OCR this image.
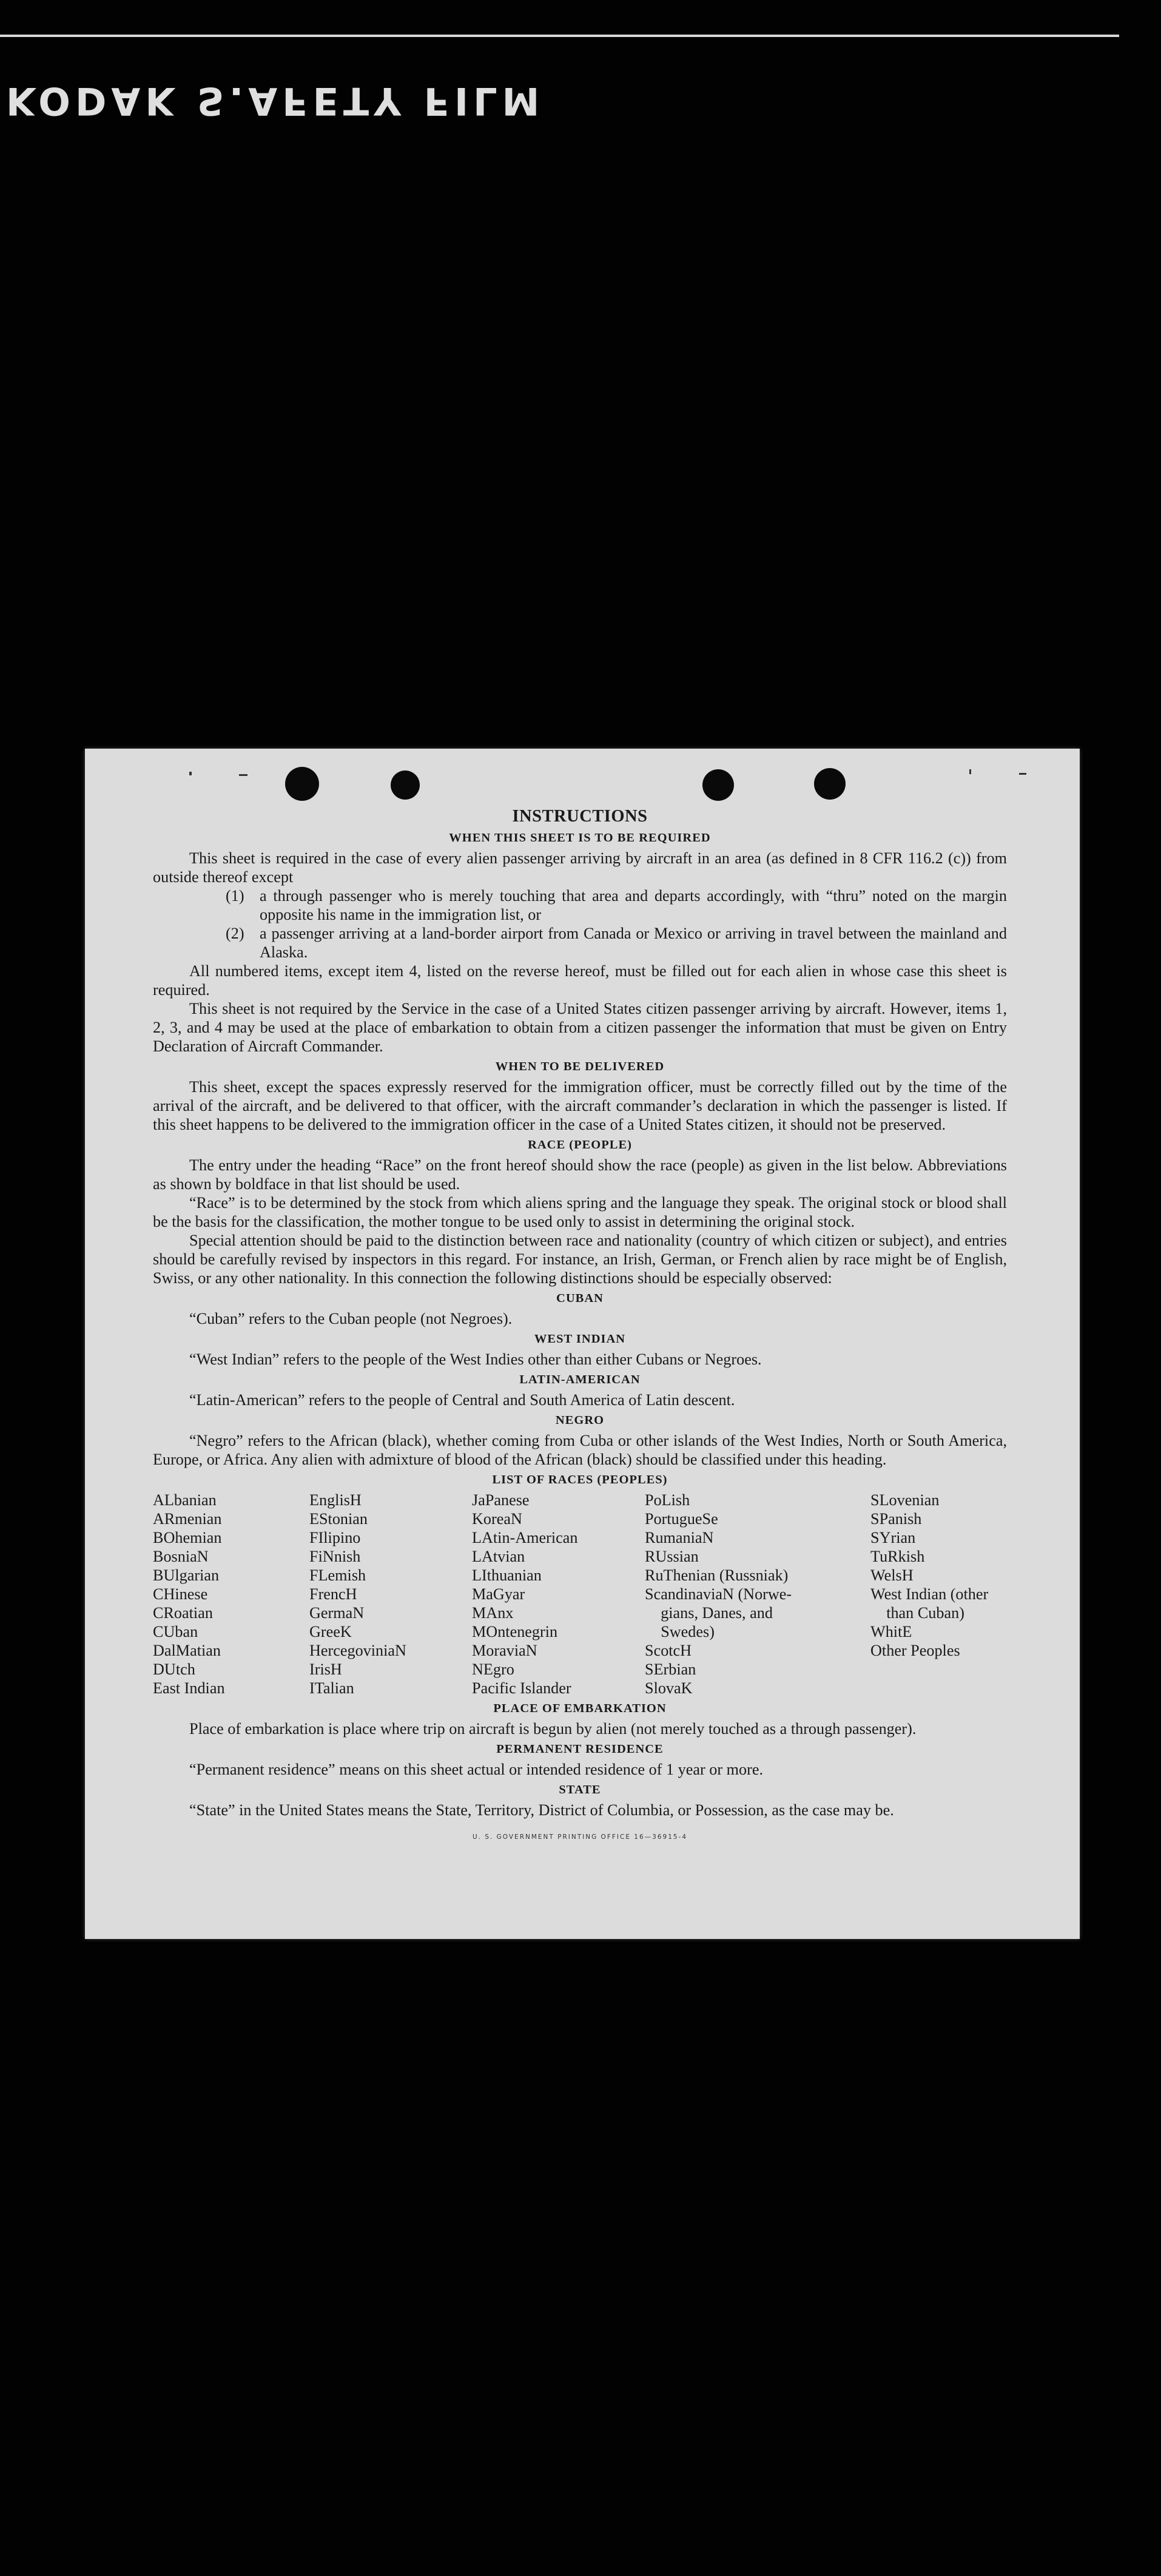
KODAK S.AFETY FILM
INSTRUCTIONS
WHEN THIS SHEET IS TO BE REQUIRED

This sheet is required in the case of every alien passenger arriving by aircraft in an area (as defined in 8 CFR 116.2 (c)) from outside thereof except

(1) a through passenger who is merely touching that area and departs accordingly, with “thru” noted on the margin opposite his name in the immigration list, or
(2) a passenger arriving at a land-border airport from Canada or Mexico or arriving in travel between the mainland and Alaska.

All numbered items, except item 4, listed on the reverse hereof, must be filled out for each alien in whose case this sheet is required.

This sheet is not required by the Service in the case of a United States citizen passenger arriving by aircraft. However, items 1, 2, 3, and 4 may be used at the place of embarkation to obtain from a citizen passenger the information that must be given on Entry Declaration of Aircraft Commander.

WHEN TO BE DELIVERED

This sheet, except the spaces expressly reserved for the immigration officer, must be correctly filled out by the time of the arrival of the aircraft, and be delivered to that officer, with the aircraft commander’s declaration in which the passenger is listed. If this sheet happens to be delivered to the immigration officer in the case of a United States citizen, it should not be preserved.

RACE (PEOPLE)

The entry under the heading “Race” on the front hereof should show the race (people) as given in the list below. Abbreviations as shown by boldface in that list should be used.

“Race” is to be determined by the stock from which aliens spring and the language they speak. The original stock or blood shall be the basis for the classification, the mother tongue to be used only to assist in determining the original stock.

Special attention should be paid to the distinction between race and nationality (country of which citizen or subject), and entries should be carefully revised by inspectors in this regard. For instance, an Irish, German, or French alien by race might be of English, Swiss, or any other nationality. In this connection the following distinctions should be especially observed:

CUBAN

“Cuban” refers to the Cuban people (not Negroes).

WEST INDIAN

“West Indian” refers to the people of the West Indies other than either Cubans or Negroes.

LATIN-AMERICAN

“Latin-American” refers to the people of Central and South America of Latin descent.

NEGRO

“Negro” refers to the African (black), whether coming from Cuba or other islands of the West Indies, North or South America, Europe, or Africa. Any alien with admixture of blood of the African (black) should be classified under this heading.

LIST OF RACES (PEOPLES)
ALbanian
ARmenian
BOhemian
BosniaN
BUlgarian
CHinese
CRoatian
CUban
DalMatian
DUtch
East Indian
EnglisH
EStonian
FIlipino
FiNnish
FLemish
FrencH
GermaN
GreeK
HercegoviniaN
IrisH
ITalian
JaPanese
KoreaN
LAtin-American
LAtvian
LIthuanian
MaGyar
MAnx
MOntenegrin
MoraviaN
NEgro
Pacific Islander
PoLish
PortugueSe
RumaniaN
RUssian
RuThenian (Russniak)
ScandinaviaN (Norwe-
gians, Danes, and
Swedes)
ScotcH
SErbian
SlovaK
SLovenian
SPanish
SYrian
TuRkish
WelsH
West Indian (other
than Cuban)
WhitE
Other Peoples
PLACE OF EMBARKATION

Place of embarkation is place where trip on aircraft is begun by alien (not merely touched as a through passenger).

PERMANENT RESIDENCE

“Permanent residence” means on this sheet actual or intended residence of 1 year or more.

STATE

“State” in the United States means the State, Territory, District of Columbia, or Possession, as the case may be.

U. S. GOVERNMENT PRINTING OFFICE 16—36915-4
